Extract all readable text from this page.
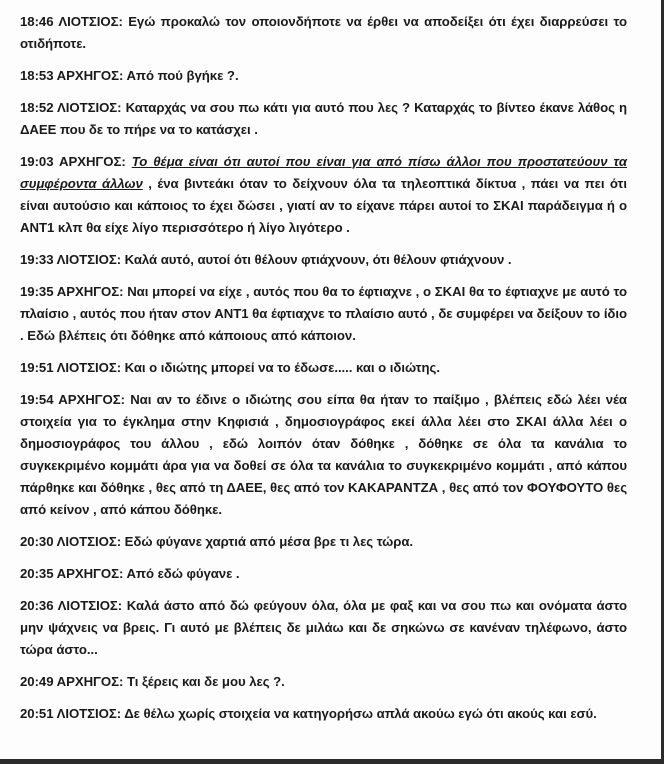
18:46 ΛΙΟΤΣΙΟΣ: Εγώ προκαλώ τον οποιονδήποτε να έρθει να αποδείξει ότι έχει διαρρεύσει το οτιδήποτε.

18:53 ΑΡΧΗΓΟΣ: Από πού βγήκε ?.

18:52 ΛΙΟΤΣΙΟΣ: Καταρχάς να σου πω κάτι για αυτό που λες ? Καταρχάς το βίντεο έκανε λάθος η ΔΑΕΕ που δε το πήρε να το κατάσχει .

19:03 ΑΡΧΗΓΟΣ: Το θέμα είναι ότι αυτοί που είναι για από πίσω άλλοι που προστατεύουν τα συμφέροντα άλλων , ένα βιντεάκι όταν το δείχνουν όλα τα τηλεοπτικά δίκτυα , πάει να πει ότι είναι αυτούσιο και κάποιος το έχει δώσει , γιατί αν το είχανε πάρει αυτοί το ΣΚΑΙ παράδειγμα ή ο ΑΝΤ1 κλπ θα είχε λίγο περισσότερο ή λίγο λιγότερο .

19:33 ΛΙΟΤΣΙΟΣ: Καλά αυτό, αυτοί ότι θέλουν φτιάχνουν, ότι θέλουν φτιάχνουν .

19:35 ΑΡΧΗΓΟΣ: Ναι μπορεί να είχε , αυτός που θα το έφτιαχνε , ο ΣΚΑΙ θα το έφτιαχνε με αυτό το πλαίσιο , αυτός που ήταν στον ΑΝΤ1 θα έφτιαχνε το πλαίσιο αυτό , δε συμφέρει να δείξουν το ίδιο . Εδώ βλέπεις ότι δόθηκε από κάποιους από κάποιον.

19:51 ΛΙΟΤΣΙΟΣ: Και ο ιδιώτης μπορεί να το έδωσε..... και ο ιδιώτης.

19:54 ΑΡΧΗΓΟΣ: Ναι αν το έδινε ο ιδιώτης σου είπα θα ήταν το παίξιμο , βλέπεις εδώ λέει νέα στοιχεία για το έγκλημα στην Κηφισιά , δημοσιογράφος εκεί άλλα λέει στο ΣΚΑΙ άλλα λέει ο δημοσιογράφος του άλλου , εδώ λοιπόν όταν δόθηκε , δόθηκε σε όλα τα κανάλια το συγκεκριμένο κομμάτι άρα για να δοθεί σε όλα τα κανάλια το συγκεκριμένο κομμάτι , από κάπου πάρθηκε και δόθηκε , θες από τη ΔΑΕΕ, θες από τον ΚΑΚΑΡΑΝΤΖΑ , θες από τον ΦΟΥΦΟΥΤΟ θες από κείνον , από κάπου δόθηκε.

20:30 ΛΙΟΤΣΙΟΣ: Εδώ φύγανε χαρτιά από μέσα βρε τι λες τώρα.

20:35 ΑΡΧΗΓΟΣ: Από εδώ φύγανε .

20:36 ΛΙΟΤΣΙΟΣ: Καλά άστο από δώ φεύγουν όλα, όλα με φαξ και να σου πω και ονόματα άστο μην ψάχνεις να βρεις. Γι αυτό με βλέπεις δε μιλάω και δε σηκώνω σε κανέναν τηλέφωνο, άστο τώρα άστο...

20:49 ΑΡΧΗΓΟΣ: Τι ξέρεις και δε μου λες ?.

20:51 ΛΙΟΤΣΙΟΣ: Δε θέλω χωρίς στοιχεία να κατηγορήσω απλά ακούω εγώ ότι ακούς και εσύ.
